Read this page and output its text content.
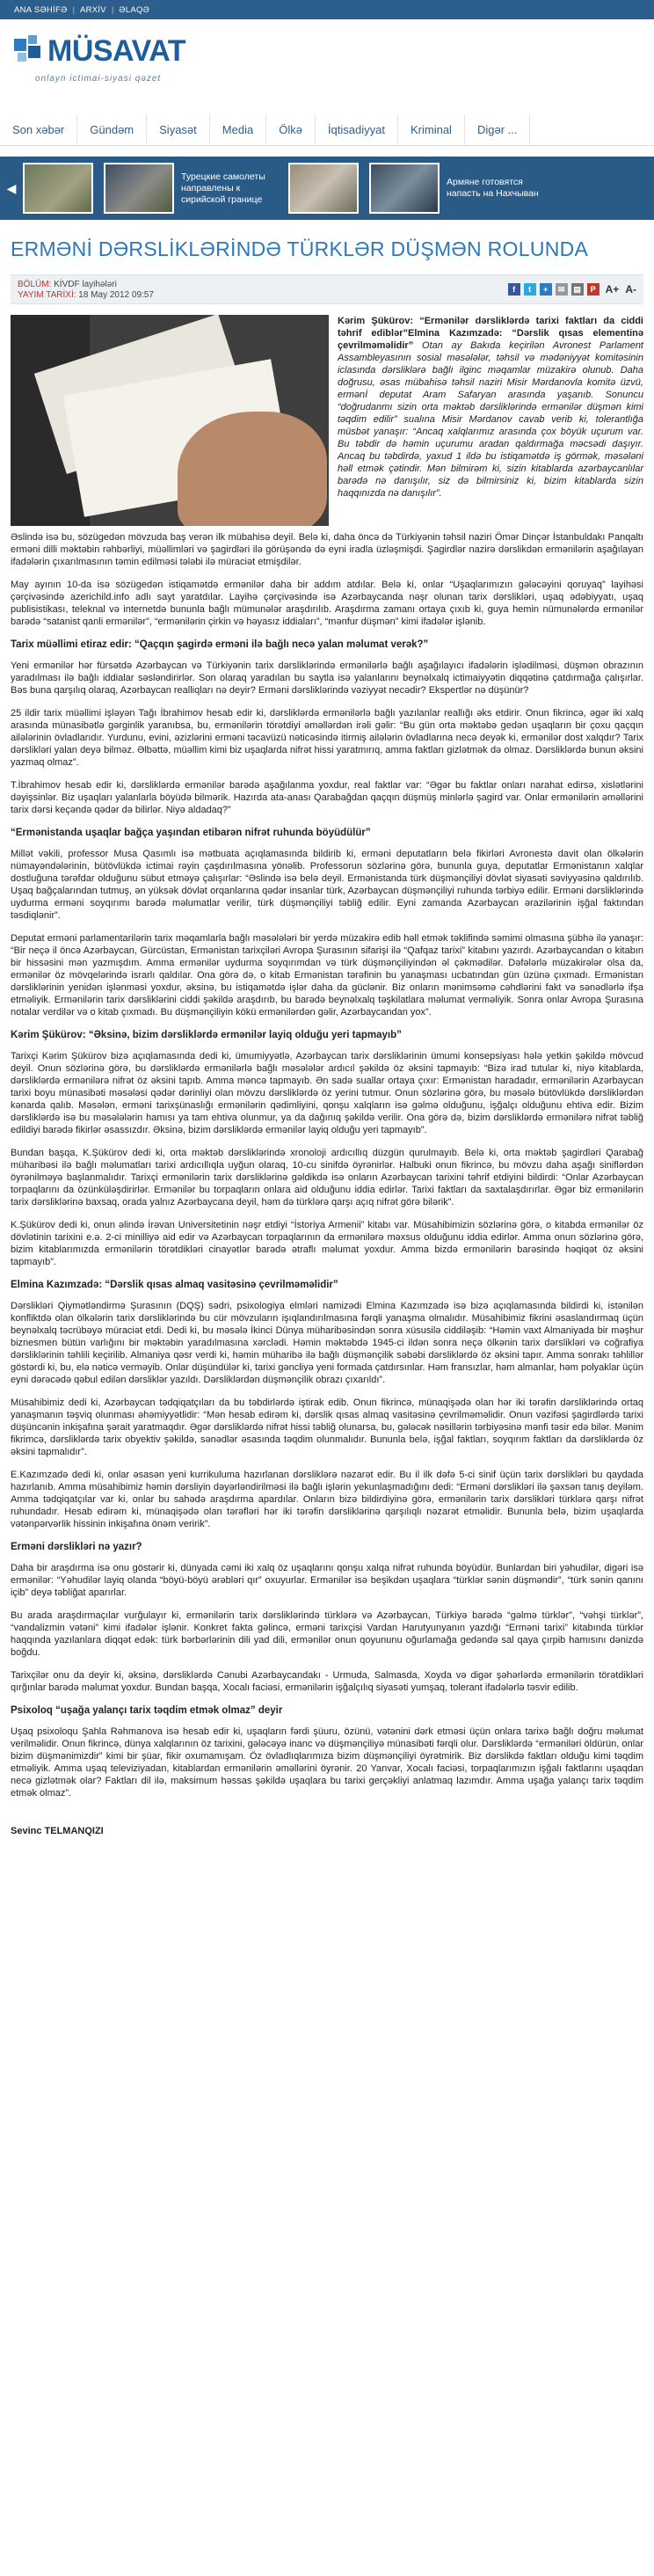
ANA SƏHİFƏ | ARXİV | ƏLAQƏ
MÜSAVAT
onlayn ictimai-siyasi qəzet
Son xəbər	Gündəm	Siyasət	Media	Ölkə	İqtisadiyyat	Kriminal	Digər ...
◀
Турецкие самолеты направлены к сирийской границе
Армяне готовятся напасть на Нахчыван
ERMƏNİ DƏRSLİKLƏRİNDƏ TÜRKLƏR DÜŞMƏN ROLUNDA
BÖLÜM: KİVDF layihələri
YAYIM TARİXİ: 18 May 2012 09:57
f	t	+	✉	▤	P A+ A-

Kərim Şükürov: “Ermənilər dərsliklərdə tarixi faktları da ciddi təhrif ediblər”Elmina Kazımzadə: “Dərslik qısas elementinə çevrilməməlidir” Otan ay Bakıda keçirilən Avronest Parlament Assambleyasının sosial məsələlər, təhsil və mədəniyyət komitəsinin iclasında dərsliklərə bağlı ilginc məqamlar müzakirə olunub. Daha doğrusu, əsas mübahisə təhsil naziri Misir Mərdanovla komitə üzvü, ermənİ deputat Aram Safaryan arasında yaşanıb. Sonuncu “doğrudanmı sizin orta məktəb dərsliklərində ermənilər düşmən kimi təqdim edilir” sualına Misir Mərdanov cavab verib ki, tolerantlığa müsbət yanaşır: “Ancaq xalqlarımız arasında çox böyük uçurum var. Bu təbdir də həmin uçurumu aradan qaldırmağa məcsədi daşıyır. Ancaq bu təbdirdə, yaxud 1 ildə bu istiqamətdə iş görmək, məsələni həll etmək çətindir. Mən bilmirəm ki, sizin kitablarda azərbaycanlılar barədə nə danışılır, siz də bilmirsiniz ki, bizim kitablarda sizin haqqınızda nə danışılır”.

Əslində isə bu, sözügedən mövzuda baş verən ilk mübahisə deyil. Belə ki, daha öncə də Türkiyənin təhsil naziri Ömər Dinçər İstanbuldakı Panqaltı erməni dilli məktəbin rəhbərliyi, müəllimləri və şagirdləri ilə görüşəndə də eyni iradla üzləşmişdi. Şagirdlər nazirə dərslikdən ermənilərin aşağılayan ifadələrin çıxarılmasının təmin edilməsi tələbi ilə müraciət etmişdilər.

May ayının 10-da isə sözügedən istiqamətdə ermənilər daha bir addım atdılar. Belə ki, onlar “Uşaqlarımızın gələcəyini qoruyaq” layihəsi çərçivəsində azerichild.info adlı sayt yaratdılar. Layihə çərçivəsində isə Azərbaycanda nəşr olunan tarix dərslikləri, uşaq ədəbiyyatı, uşaq publisistikası, teleknal və internetdə bununla bağlı mümunələr araşdırılıb. Araşdırma zamanı ortaya çıxıb ki, guya hemin nümunələrdə ermənilər barədə “satanist qanli ermənilər”, “ermənilərin çirkin və həyasız iddiaları”, “mənfur düşmən” kimi ifadələr işlənib.

Tarix müəllimi etiraz edir: “Qaçqın şagirdə erməni ilə bağlı necə yalan məlumat verək?”

Yeni ermənilər hər fürsətdə Azərbaycan və Türkiyənin tarix dərsliklərində ermənilərlə bağlı aşağılayıcı ifadələrin işlədilməsi, düşmən obrazının yaradılması ilə bağlı iddialar səsləndirirlər. Son olaraq yaradılan bu saytla isə yalanlarını beynəlxalq ictimaiyyətin diqqətinə çatdırmağa çalışırlar. Bəs buna qarşılıq olaraq, Azərbaycan realliqları nə deyir? Erməni dərsliklərində vəziyyət necədir? Ekspertlər nə düşünür?

25 ildir tarix müəllimi işləyən Tağı İbrahimov hesab edir ki, dərsliklərdə ermənilərlə bağlı yazılanlar reallığı əks etdirir. Onun fikrincə, əgər iki xalq arasında münasibətlə gərginlik yaranıbsa, bu, ermənilərin törətdiyi əməllərdən irəli gəlir: “Bu gün orta məktəbə gedən uşaqların bir çoxu qaçqın ailələrinin övladlarıdır. Yurdunu, evini, əzizlərini erməni təcavüzü nəticəsində itirmiş ailələrin övladlarına necə deyək ki, ermənilər dost xalqdır? Tarix dərslikləri yalan deyə bilməz. Əlbəttə, müəllim kimi biz uşaqlarda nifrət hissi yaratmırıq, amma faktları gizlətmək də olmaz. Dərsliklərdə bunun əksini yazmaq olmaz”.

T.İbrahimov hesab edir ki, dərsliklərdə ermənilər barədə aşağılanma yoxdur, real faktlar var: “Əgər bu faktlar onları narahat edirsə, xislətlərini dəyişsinlər. Biz uşaqları yalanlarla böyüdə bilmərik. Hazırda ata-anası Qarabağdan qaçqın düşmüş minlərlə şagird var. Onlar ermənilərin əməllərini tarix dərsi keçəndə qədər də bilirlər. Niyə aldadaq?”

“Ermənistanda uşaqlar bağça yaşından etibarən nifrət ruhunda böyüdülür”

Millət vəkili, professor Musa Qasımlı isə mətbuata açıqlamasında bildirib ki, erməni deputatların belə fikirləri Avronestə davit olan ölkələrin nümayəndələrinin, bütövlükdə ictimai rəyin çaşdırılmasına yönəlib. Professorun sözlərinə görə, bununla guya, deputatlar Ermənistanın xalqlar dostluğuna tərəfdar olduğunu sübut etməyə çalışırlar: “Əslində isə belə deyil. Ermənistanda türk düşmənçiliyi dövlət siyasəti səviyyəsinə qaldırılıb. Uşaq bağçalarından tutmuş, ən yüksək dövlət orqanlarına qədər insanlar türk, Azərbaycan düşmənçiliyi ruhunda tərbiyə edilir. Erməni dərsliklərində uydurma erməni soyqırımı barədə məlumatlar verilir, türk düşmənçiliyi təbliğ edilir. Eyni zamanda Azərbaycan ərazilərinin işğal faktından təsdiqlənir”.

Deputat erməni parlamentarilərin tarix məqamlarla bağlı məsələləri bir yerdə müzakirə edib həll etmək təklifində səmimi olmasına şübhə ilə yanaşır: “Bir neçə il öncə Azərbaycan, Gürcüstan, Ermənistan tarixçiləri Avropa Şurasının sifarişi ilə “Qafqaz tarixi” kitabını yazırdı. Azərbaycandan o kitabın bir hissəsini mən yazmışdım. Amma ermənilər uydurma soyqırımdan və türk düşmənçiliyindən əl çəkmədilər. Dəfələrlə müzakirələr olsa da, ermənilər öz mövqelərində israrlı qaldılar. Ona görə də, o kitab Ermənistan tərəfinin bu yanaşması ucbatından gün üzünə çıxmadı. Ermənistan dərsliklərinin yenidən işlənməsi yoxdur, əksinə, bu istiqamətdə işlər daha da güclənir. Biz onların mənimsəmə cəhdlərini fakt və sənədlərlə ifşa etməliyik. Ermənilərin tarix dərsliklərini ciddi şəkildə araşdırıb, bu barədə beynəlxalq təşkilatlara məlumat verməliyik. Sonra onlar Avropa Şurasına notalar verdilər və o kitab çıxmadı. Bu düşmənçiliyin kökü ermənilərdən gəlir, Azərbaycandan yox”.

Kərim Şükürov: “Əksinə, bizim dərsliklərdə ermənilər layiq olduğu yeri tapmayıb”

Tarixçi Kərim Şükürov bizə açıqlamasında dedi ki, ümumiyyətlə, Azərbaycan tarix dərsliklərinin ümumi konsepsiyası hələ yetkin şəkildə mövcud deyil. Onun sözlərinə görə, bu dərsliklərdə ermənilərlə bağlı məsələlər ardıcıl şəkildə öz əksini tapmayıb: “Bizə irad tutular ki, niyə kitablarda, dərsliklərdə ermənilərə nifrət öz əksini tapıb. Amma məncə tapmayıb. Ən sadə suallar ortaya çıxır: Ermənistan haradadır, ermənilərin Azərbaycan tarixi boyu münasibəti məsələsi qədər dərinliyi olan mövzu dərsliklərdə öz yerini tutmur. Onun sözlərinə görə, bu məsələ bütövlükdə dərsliklərdən kənarda qalıb. Məsələn, erməni tarixşünaslığı ermənilərin qədimliyini, qonşu xalqların isə gəlmə olduğunu, işğalçı olduğunu ehtiva edir. Bizim dərsliklərdə isə bu məsələlərin hamısı ya tam ehtiva olunmur, ya da dağınıq şəkildə verilir. Ona görə də, bizim dərsliklərdə ermənilərə nifrət təbliğ edildiyi barədə fikirlər əsassızdır. Əksinə, bizim dərsliklərdə ermənilər layiq olduğu yeri tapmayıb”.

Bundan başqa, K.Şükürov dedi ki, orta məktəb dərsliklərində xronoloji ardıcıllıq düzgün qurulmayıb. Belə ki, orta məktəb şagirdləri Qarabağ müharibəsi ilə bağlı məlumatları tarixi ardıcıllıqla uyğun olaraq, 10-cu sinifdə öyrənirlər. Halbuki onun fikrincə, bu mövzu daha aşağı siniflərdən öyrənilməyə başlanmalıdır. Tarixçi ermənilərin tarix dərsliklərinə gəldikdə isə onların Azərbaycan tarixini təhrif etdiyini bildirdi: “Onlar Azərbaycan torpaqlarını da özünküləşdirirlər. Ermənilər bu torpaqların onlara aid olduğunu iddia edirlər. Tarixi faktları da saxtalaşdırırlar. Əgər biz ermənilərin tarix dərsliklərinə baxsaq, orada yalnız Azərbaycana deyil, həm də türklərə qarşı açıq nifrət görə bilərik”.

K.Şükürov dedi ki, onun əlində İrəvan Universitetinin nəşr etdiyi “İstoriya Armenii” kitabı var. Müsahibimizin sözlərinə görə, o kitabda ermənilər öz dövlətinin tarixini e.ə. 2-ci minilliyə aid edir və Azərbaycan torpaqlarının da ermənilərə məxsus olduğunu iddia edirlər. Amma onun sözlərinə görə, bizim kitablarımızda ermənilərin törətdikləri cinayətlər barədə ətraflı məlumat yoxdur. Amma bizdə ermənilərin barəsində həqiqət öz əksini tapmayıb”.

Elmina Kazımzadə: “Dərslik qısas almaq vasitəsinə çevrilməməlidir”

Dərslikləri Qiymətləndirmə Şurasının (DQŞ) sədri, psixologiya elmləri namizədi Elmina Kazımzadə isə bizə açıqlamasında bildirdi ki, istənilən konfliktdə olan ölkələrin tarix dərsliklərində bu cür mövzuların işıqlandırılmasına fərqli yanaşma olmalıdır. Müsahibimiz fikrini əsaslandırmaq üçün beynəlxalq təcrübəyə müraciət etdi. Dedi ki, bu məsələ İkinci Dünya müharibəsindən sonra xüsusilə ciddiləşib: “Həmin vaxt Almaniyada bir məşhur biznesmen bütün varlığını bir məktəbin yaradılmasına xərclədi. Həmin məktəbdə 1945-ci ildən sonra neçə ölkənin tarix dərslikləri və coğrafiya dərsliklərinin təhlili keçirilib. Almaniya qəsr verdi ki, həmin müharibə ilə bağlı düşmənçilik səbəbi dərsliklərdə öz əksini tapır. Amma sonrakı təhlillər göstərdi ki, bu, elə nəticə verməyib. Onlar düşündülər ki, tarixi gəncliyə yeni formada çatdırsınlar. Həm fransızlar, həm almanlar, həm polyaklar üçün eyni dərəcədə qəbul edilən dərsliklər yazıldı. Dərsliklərdən düşmənçilik obrazı çıxarıldı”.

Müsahibimiz dedi ki, Azərbaycan tədqiqatçıları da bu təbdirlərdə iştirak edib. Onun fikrincə, münaqişədə olan hər iki tərəfin dərsliklərində ortaq yanaşmanın təşviq olunması əhəmiyyətlidir: “Mən hesab edirəm ki, dərslik qısas almaq vasitəsinə çevrilməməlidir. Onun vəzifəsi şagirdlərdə tarixi düşüncənin inkişafına şərait yaratmaqdır. Əgər dərsliklərdə nifrət hissi təbliğ olunarsa, bu, gələcək nəsillərin tərbiyəsinə mənfi təsir edə bilər. Mənim fikrimcə, dərsliklərdə tarix obyektiv şəkildə, sənədlər əsasında təqdim olunmalıdır. Bununla belə, işğal faktları, soyqırım faktları da dərsliklərdə öz əksini tapmalıdır”.

E.Kazımzadə dedi ki, onlar əsasən yeni kurrikuluma hazırlanan dərsliklərə nəzarət edir. Bu il ilk dəfə 5-ci sinif üçün tarix dərslikləri bu qaydada hazırlanıb. Amma müsahibimiz həmin dərsliyin dəyərləndirilməsi ilə bağlı işlərin yekunlaşmadığını dedi: “Erməni dərslikləri ilə şəxsən tanış deyiləm. Amma tədqiqatçılar var ki, onlar bu sahədə araşdırma apardılar. Onların bizə bildirdiyinə görə, ermənilərin tarix dərslikləri türklərə qarşı nifrət ruhundadır. Hesab edirəm ki, münaqişədə olan tərəfləri hər iki tərəfin dərsliklərinə qarşılıqlı nəzarət etməlidir. Bununla belə, bizim uşaqlarda vətənpərvərlik hissinin inkişafına önəm veririk”.

Erməni dərslikləri nə yazır?

Daha bir araşdırma isə onu göstərir ki, dünyada cəmi iki xalq öz uşaqlarını qonşu xalqa nifrət ruhunda böyüdür. Bunlardan biri yəhudilər, digəri isə ermənilər: “Yəhudilər layiq olanda “böyü-böyü ərəbləri qır” oxuyurlar. Ermənilər isə beşikdən uşaqlara “türklər sənin düşməndir”, “türk sənin qanını içib” deyə təbliğat aparırlar.

Bu arada araşdırmaçılar vurğulayır ki, ermənilərin tarix dərsliklərində türklərə və Azərbaycan, Türkiyə barədə “gəlmə türklər”, “vəhşi türklər”, “vandalizmin vətəni” kimi ifadələr işlənir. Konkret fakta gəlincə, erməni tarixçisi Vardan Harutyunyanın yazdığı “Erməni tarixi” kitabında türklər haqqında yazılanlara diqqət edək: türk bərbərlərinin dili yad dili, ermənilər onun qoyununu oğurlamağa gedəndə sal qaya çırpib hamısını dənizdə boğdu.

Tarixçilər onu da deyir ki, əksinə, dərsliklərdə Cənubi Azərbaycandakı - Urmuda, Salmasda, Xoyda və digər şəhərlərdə ermənilərin törətdikləri qırğınlar barədə məlumat yoxdur. Bundan başqa, Xocalı faciəsi, ermənilərin işğalçılıq siyasəti yumşaq, tolerant ifadələrlə təsvir edilib.

Psixoloq “uşağa yalançı tarix təqdim etmək olmaz” deyir

Uşaq psixoloqu Şahla Rəhmanova isə hesab edir ki, uşaqların fərdi şüuru, özünü, vətənini dərk etməsi üçün onlara tarixə bağlı doğru məlumat verilməlidir. Onun fikrincə, dünya xalqlarının öz tarixini, gələcəyə inanc və düşmənçiliyə münasibəti fərqli olur. Dərsliklərdə “erməniləri öldürün, onlar bizim düşmənimizdir” kimi bir şüar, fikir oxumamışam. Öz övladlıqlarımıza bizim düşmənçiliyi öyrətmirik. Biz dərslikdə faktları olduğu kimi təqdim etməliyik. Amma uşaq televiziyadan, kitablardan ermənilərin əməllərini öyrənir. 20 Yanvar, Xocalı faciəsi, torpaqlarımızın işğalı faktlarını uşaqdan necə gizlətmək olar? Faktları dil ilə, maksimum həssas şəkildə uşaqlara bu tarixi gerçəkliyi anlatmaq lazımdır. Amma uşağa yalançı tarix təqdim etmək olmaz”.

Sevinc TELMANQIZI
